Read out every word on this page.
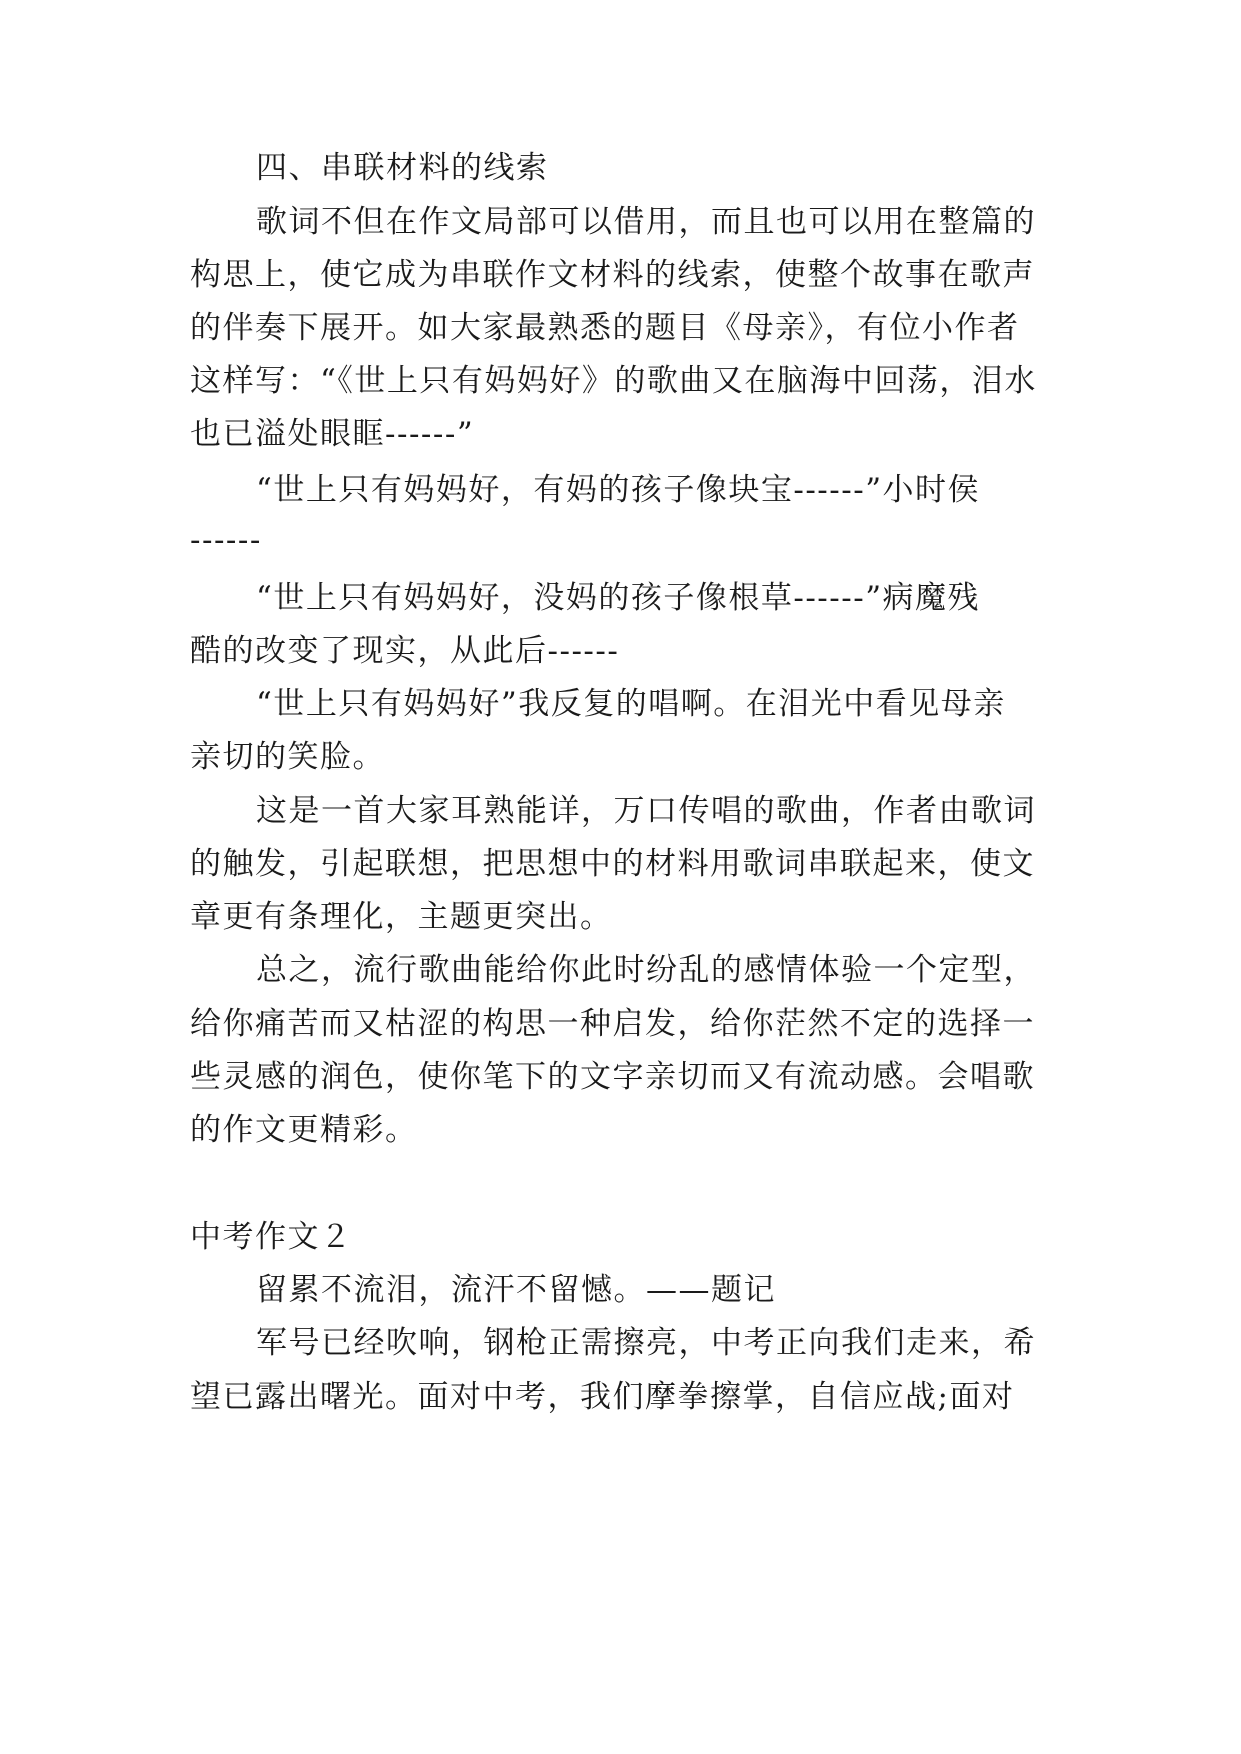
四、串联材料的线索
歌词不但在作文局部可以借用，而且也可以用在整篇的
构思上，使它成为串联作文材料的线索，使整个故事在歌声
的伴奏下展开。如大家最熟悉的题目《母亲》，有位小作者
这样写：“《世上只有妈妈好》的歌曲又在脑海中回荡，泪水
也已溢处眼眶------”
“世上只有妈妈好，有妈的孩子像块宝------”小时侯
------
“世上只有妈妈好，没妈的孩子像根草------”病魔残
酷的改变了现实，从此后------
“世上只有妈妈好”我反复的唱啊。在泪光中看见母亲
亲切的笑脸。
这是一首大家耳熟能详，万口传唱的歌曲，作者由歌词
的触发，引起联想，把思想中的材料用歌词串联起来，使文
章更有条理化，主题更突出。
总之，流行歌曲能给你此时纷乱的感情体验一个定型，
给你痛苦而又枯涩的构思一种启发，给你茫然不定的选择一
些灵感的润色，使你笔下的文字亲切而又有流动感。会唱歌
的作文更精彩。
中考作文２
留累不流泪，流汗不留憾。——题记
军号已经吹响，钢枪正需擦亮，中考正向我们走来，希
望已露出曙光。面对中考，我们摩拳擦掌，自信应战;面对
